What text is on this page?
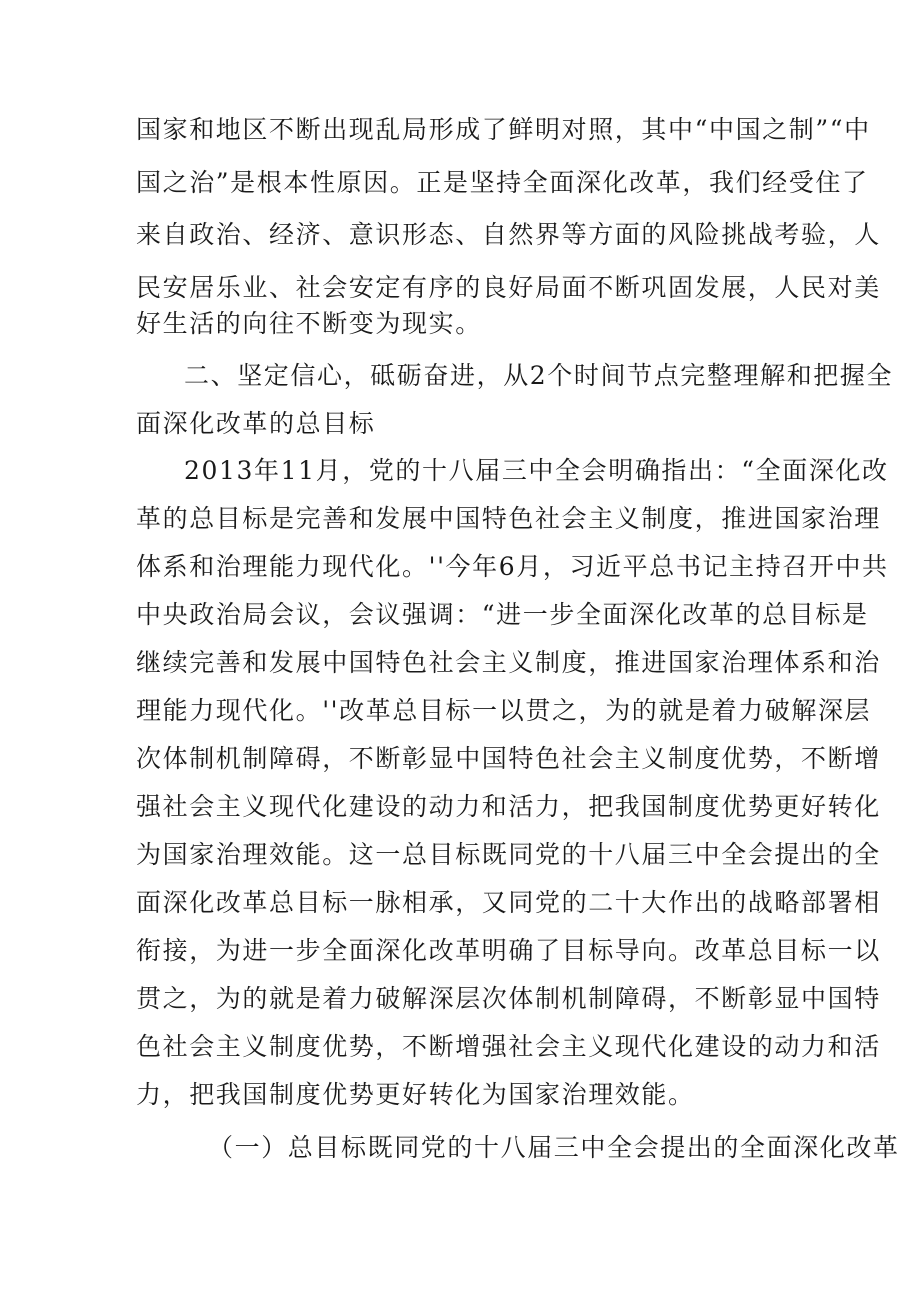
国家和地区不断出现乱局形成了鲜明对照，其中“中国之制”“中
国之治”是根本性原因。正是坚持全面深化改革，我们经受住了
来自政治、经济、意识形态、自然界等方面的风险挑战考验，人
民安居乐业、社会安定有序的良好局面不断巩固发展，人民对美
好生活的向往不断变为现实。
二、坚定信心，砥砺奋进，从2个时间节点完整理解和把握全
面深化改革的总目标
2013年11月，党的十八届三中全会明确指出：“全面深化改
革的总目标是完善和发展中国特色社会主义制度，推进国家治理
体系和治理能力现代化。''今年6月，习近平总书记主持召开中共
中央政治局会议，会议强调：“进一步全面深化改革的总目标是
继续完善和发展中国特色社会主义制度，推进国家治理体系和治
理能力现代化。''改革总目标一以贯之，为的就是着力破解深层
次体制机制障碍，不断彰显中国特色社会主义制度优势，不断增
强社会主义现代化建设的动力和活力，把我国制度优势更好转化
为国家治理效能。这一总目标既同党的十八届三中全会提出的全
面深化改革总目标一脉相承，又同党的二十大作出的战略部署相
衔接，为进一步全面深化改革明确了目标导向。改革总目标一以
贯之，为的就是着力破解深层次体制机制障碍，不断彰显中国特
色社会主义制度优势，不断增强社会主义现代化建设的动力和活
力，把我国制度优势更好转化为国家治理效能。
（一）总目标既同党的十八届三中全会提出的全面深化改革
